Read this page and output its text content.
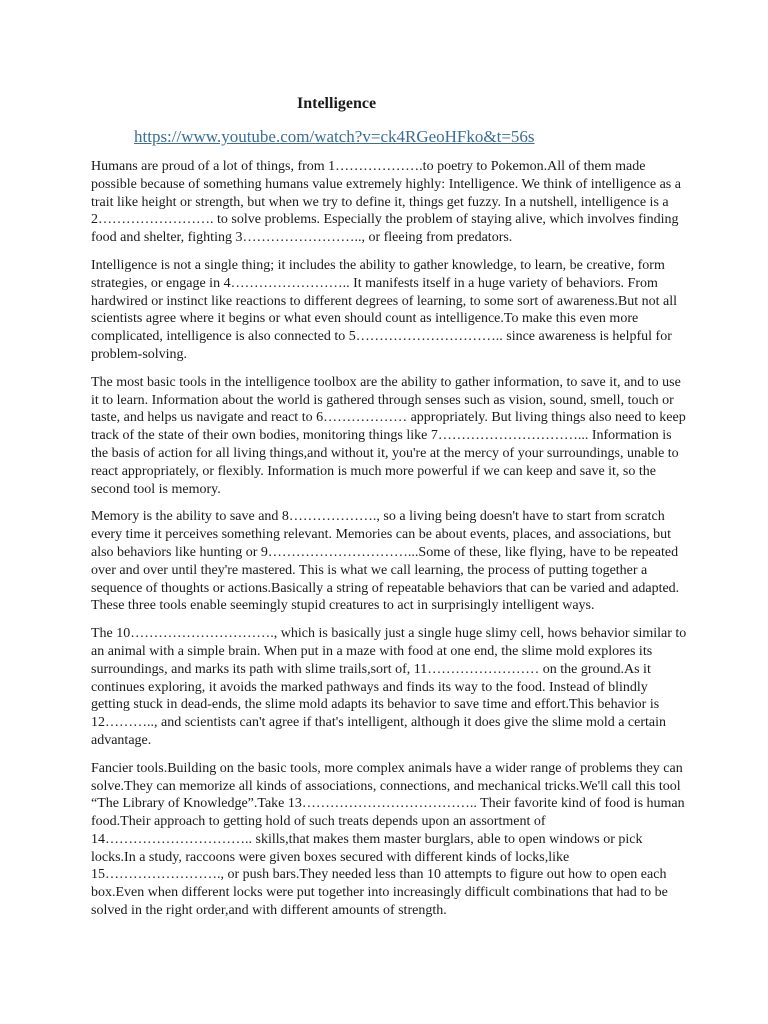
Intelligence
https://www.youtube.com/watch?v=ck4RGeoHFko&t=56s

Humans are proud of a lot of things, from 1……………….to poetry to Pokemon.All of them made possible because of something humans value extremely highly: Intelligence. We think of intelligence as a trait like height or strength, but when we try to define it, things get fuzzy. In a nutshell, intelligence is a 2……………………. to solve problems. Especially the problem of staying alive, which involves finding food and shelter, fighting 3…………………….., or fleeing from predators.

Intelligence is not a single thing; it includes the ability to gather knowledge, to learn, be creative, form strategies, or engage in 4…………………….. It manifests itself in a huge variety of behaviors. From hardwired or instinct like reactions to different degrees of learning, to some sort of awareness.But not all scientists agree where it begins or what even should count as intelligence.To make this even more complicated, intelligence is also connected to 5………………………….. since awareness is helpful for problem-solving.

The most basic tools in the intelligence toolbox are the ability to gather information, to save it, and to use it to learn. Information about the world is gathered through senses such as vision, sound, smell, touch or taste, and helps us navigate and react to 6……………… appropriately. But living things also need to keep track of the state of their own bodies, monitoring things like 7…………………………... Information is the basis of action for all living things,and without it, you're at the mercy of your surroundings, unable to react appropriately, or flexibly. Information is much more powerful if we can keep and save it, so the second tool is memory.

Memory is the ability to save and 8………………., so a living being doesn't have to start from scratch every time it perceives something relevant. Memories can be about events, places, and associations, but also behaviors like hunting or 9…………………………...Some of these, like flying, have to be repeated over and over until they're mastered. This is what we call learning, the process of putting together a sequence of thoughts or actions.Basically a string of repeatable behaviors that can be varied and adapted. These three tools enable seemingly stupid creatures to act in surprisingly intelligent ways.

The 10…………………………., which is basically just a single huge slimy cell, hows behavior similar to an animal with a simple brain. When put in a maze with food at one end, the slime mold explores its surroundings, and marks its path with slime trails,sort of, 11…………………… on the ground.As it continues exploring, it avoids the marked pathways and finds its way to the food. Instead of blindly getting stuck in dead-ends, the slime mold adapts its behavior to save time and effort.This behavior is 12……….., and scientists can't agree if that's intelligent, although it does give the slime mold a certain advantage.

Fancier tools.Building on the basic tools, more complex animals have a wider range of problems they can solve.They can memorize all kinds of associations, connections, and mechanical tricks.We'll call this tool “The Library of Knowledge”.Take 13……………………………….. Their favorite kind of food is human food.Their approach to getting hold of such treats depends upon an assortment of 14………………………….. skills,that makes them master burglars, able to open windows or pick locks.In a study, raccoons were given boxes secured with different kinds of locks,like 15……………………., or push bars.They needed less than 10 attempts to figure out how to open each box.Even when different locks were put together into increasingly difficult combinations that had to be solved in the right order,and with different amounts of strength.
